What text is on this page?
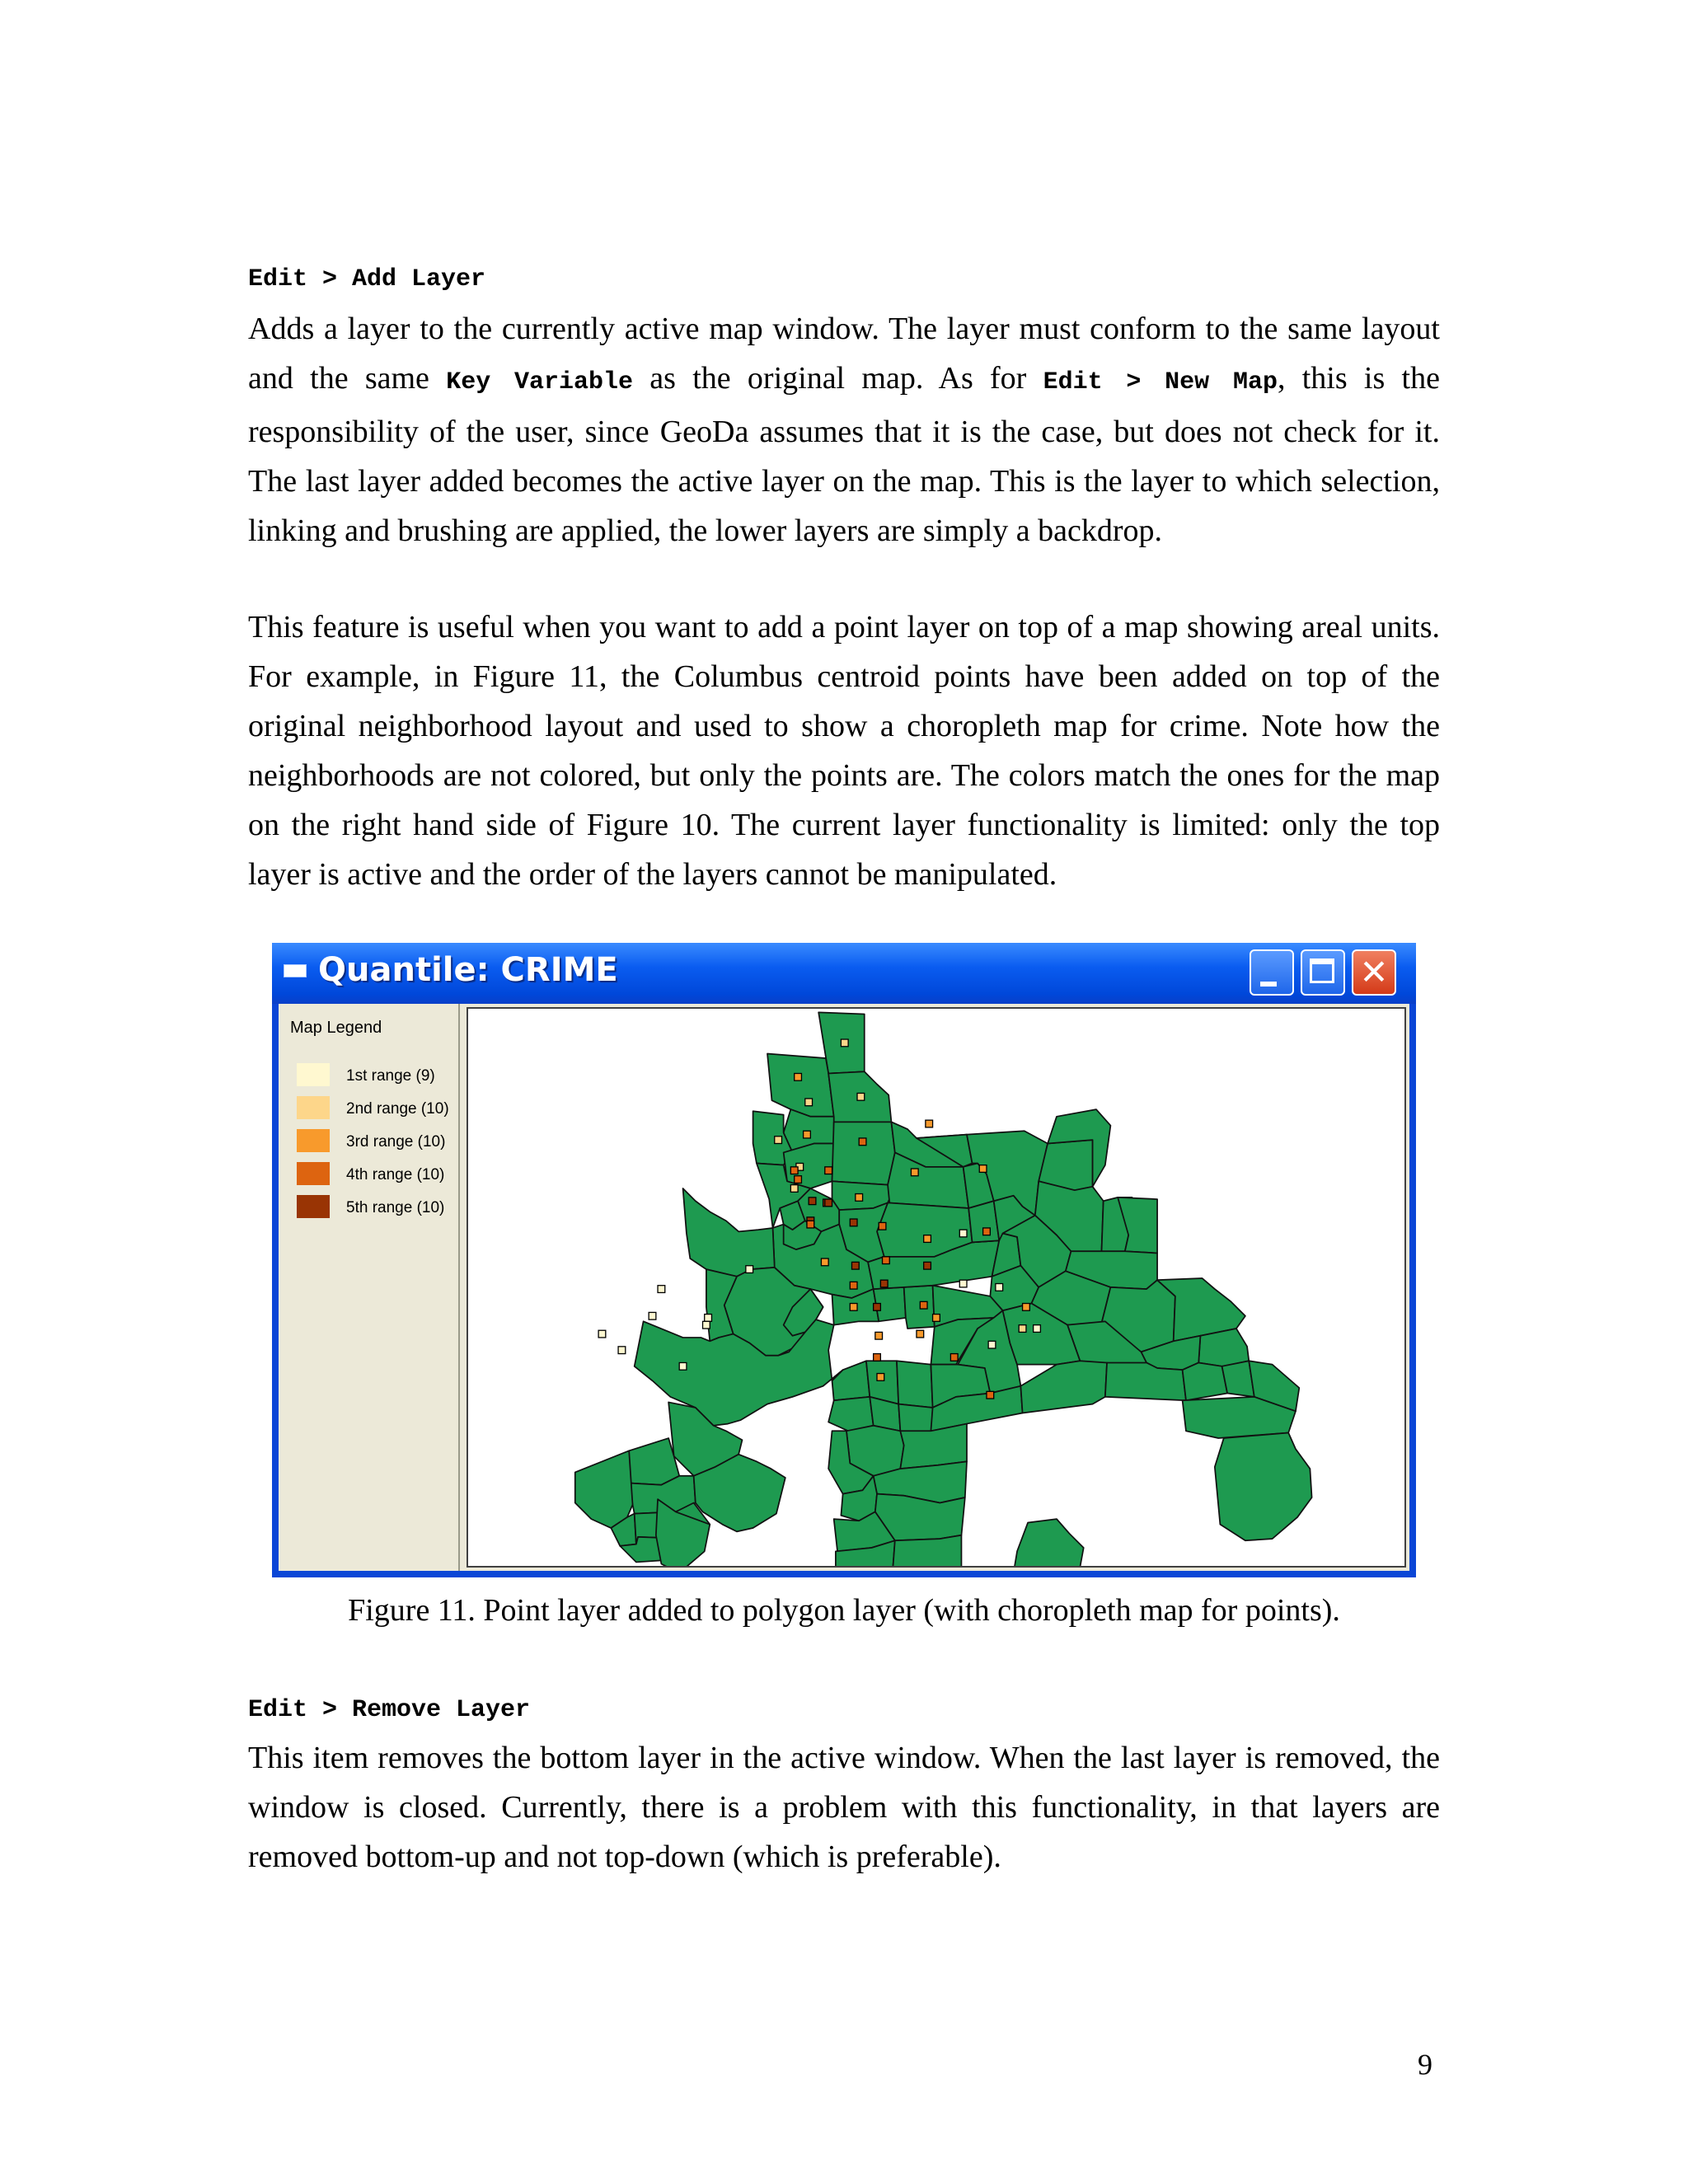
Edit > Add Layer

Adds a layer to the currently active map window. The layer must conform to the same layout and the same Key Variable as the original map. As for Edit > New Map, this is the responsibility of the user, since GeoDa assumes that it is the case, but does not check for it. The last layer added becomes the active layer on the map. This is the layer to which selection, linking and brushing are applied, the lower layers are simply a backdrop.

This feature is useful when you want to add a point layer on top of a map showing areal units. For example, in Figure 11, the Columbus centroid points have been added on top of the original neighborhood layout and used to show a choropleth map for crime. Note how the neighborhoods are not colored, but only the points are. The colors match the ones for the map on the right hand side of Figure 10. The current layer functionality is limited: only the top layer is active and the order of the layers cannot be manipulated.

Quantile: CRIME	✕
Map Legend
1st range (9)
2nd range (10)
3rd range (10)
4th range (10)
5th range (10)
Figure 11. Point layer added to polygon layer (with choropleth map for points).
Edit > Remove Layer

This item removes the bottom layer in the active window. When the last layer is removed, the window is closed. Currently, there is a problem with this functionality, in that layers are removed bottom-up and not top-down (which is preferable).

9
